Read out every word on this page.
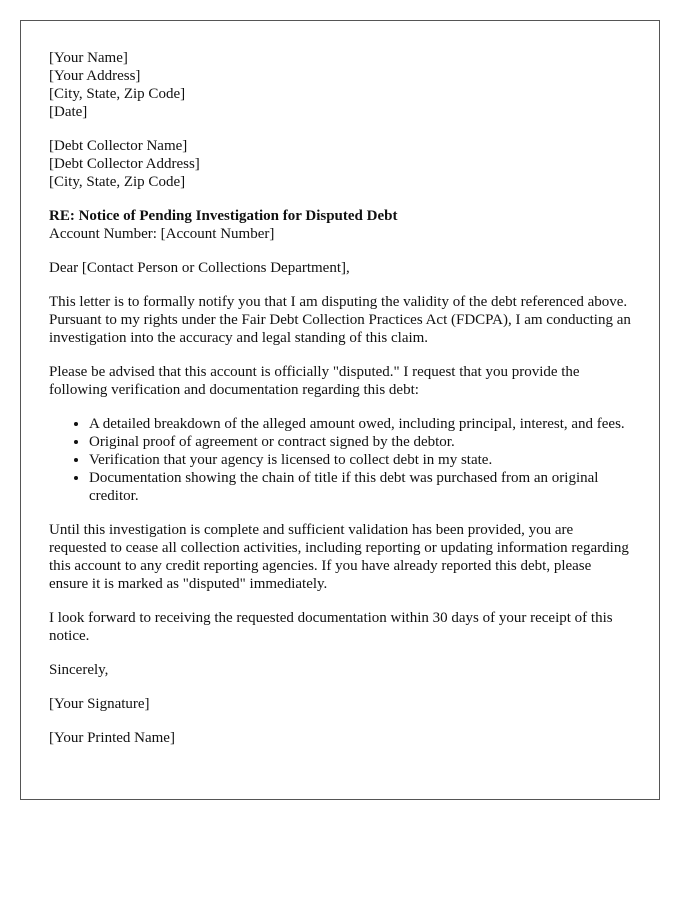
[Your Name]
[Your Address]
[City, State, Zip Code]
[Date]
[Debt Collector Name]
[Debt Collector Address]
[City, State, Zip Code]
RE: Notice of Pending Investigation for Disputed Debt
Account Number: [Account Number]

Dear [Contact Person or Collections Department],

This letter is to formally notify you that I am disputing the validity of the debt referenced above. Pursuant to my rights under the Fair Debt Collection Practices Act (FDCPA), I am conducting an investigation into the accuracy and legal standing of this claim.

Please be advised that this account is officially "disputed." I request that you provide the following verification and documentation regarding this debt:

• A detailed breakdown of the alleged amount owed, including principal, interest, and fees.
• Original proof of agreement or contract signed by the debtor.
• Verification that your agency is licensed to collect debt in my state.
• Documentation showing the chain of title if this debt was purchased from an original creditor.

Until this investigation is complete and sufficient validation has been provided, you are requested to cease all collection activities, including reporting or updating information regarding this account to any credit reporting agencies. If you have already reported this debt, please ensure it is marked as "disputed" immediately.

I look forward to receiving the requested documentation within 30 days of your receipt of this notice.

Sincerely,

[Your Signature]

[Your Printed Name]
